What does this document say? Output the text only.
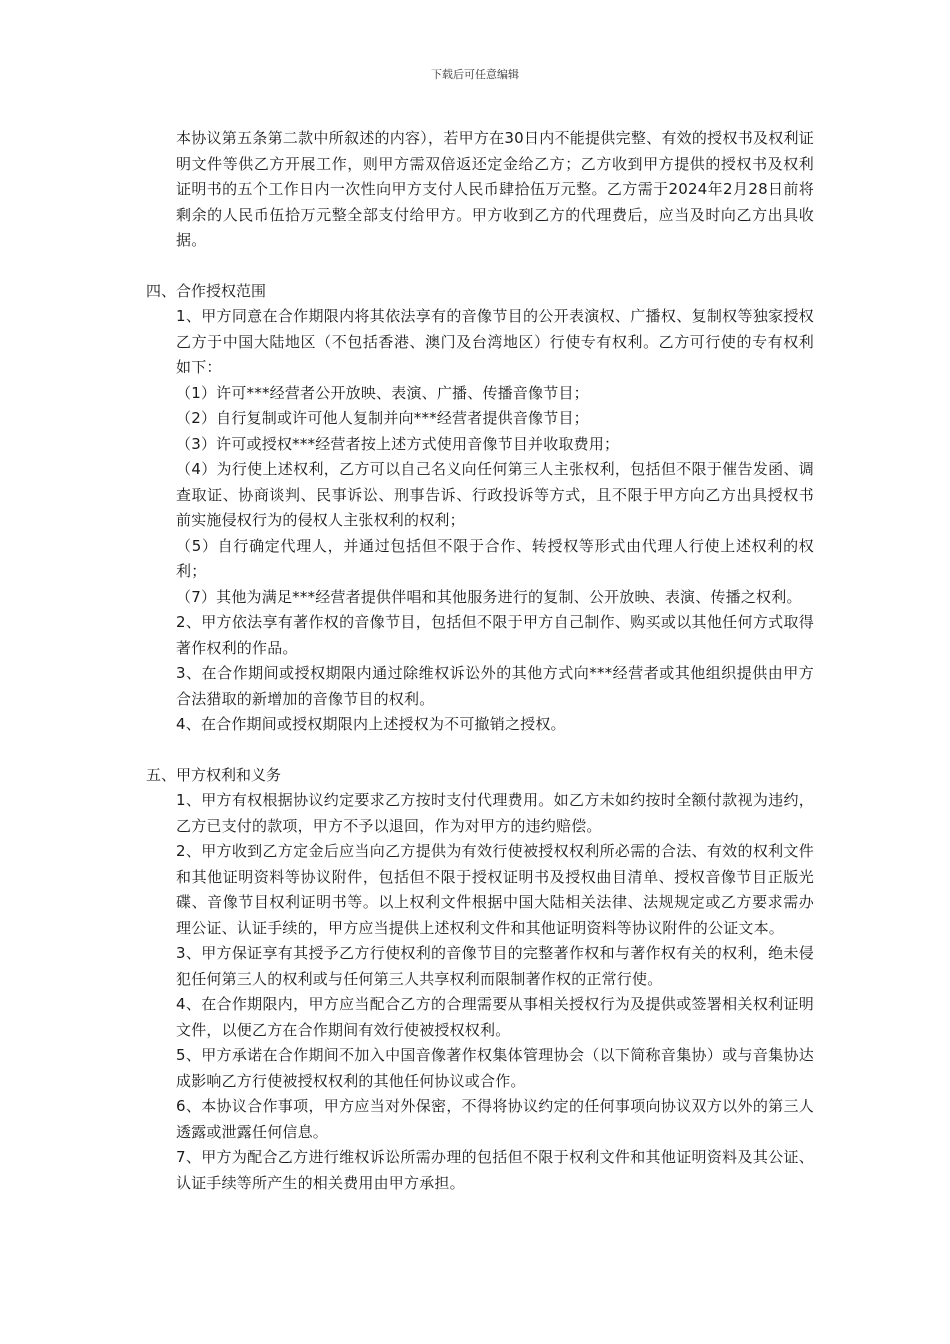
下载后可任意编辑

本协议第五条第二款中所叙述的内容），若甲方在30日内不能提供完整、有效的授权书及权利证明文件等供乙方开展工作，则甲方需双倍返还定金给乙方；乙方收到甲方提供的授权书及权利证明书的五个工作日内一次性向甲方支付人民币肆拾伍万元整。乙方需于2024年2月28日前将剩余的人民币伍拾万元整全部支付给甲方。甲方收到乙方的代理费后，应当及时向乙方出具收据。

四、合作授权范围

1、甲方同意在合作期限内将其依法享有的音像节目的公开表演权、广播权、复制权等独家授权乙方于中国大陆地区（不包括香港、澳门及台湾地区）行使专有权利。乙方可行使的专有权利如下：

（1）许可***经营者公开放映、表演、广播、传播音像节目；

（2）自行复制或许可他人复制并向***经营者提供音像节目；

（3）许可或授权***经营者按上述方式使用音像节目并收取费用；

（4）为行使上述权利，乙方可以自己名义向任何第三人主张权利，包括但不限于催告发函、调查取证、协商谈判、民事诉讼、刑事告诉、行政投诉等方式，且不限于甲方向乙方出具授权书前实施侵权行为的侵权人主张权利的权利；

（5）自行确定代理人，并通过包括但不限于合作、转授权等形式由代理人行使上述权利的权利；

（7）其他为满足***经营者提供伴唱和其他服务进行的复制、公开放映、表演、传播之权利。

2、甲方依法享有著作权的音像节目，包括但不限于甲方自己制作、购买或以其他任何方式取得著作权利的作品。

3、在合作期间或授权期限内通过除维权诉讼外的其他方式向***经营者或其他组织提供由甲方合法猎取的新增加的音像节目的权利。

4、在合作期间或授权期限内上述授权为不可撤销之授权。

五、甲方权利和义务

1、甲方有权根据协议约定要求乙方按时支付代理费用。如乙方未如约按时全额付款视为违约，乙方已支付的款项，甲方不予以退回，作为对甲方的违约赔偿。

2、甲方收到乙方定金后应当向乙方提供为有效行使被授权权利所必需的合法、有效的权利文件和其他证明资料等协议附件，包括但不限于授权证明书及授权曲目清单、授权音像节目正版光碟、音像节目权利证明书等。以上权利文件根据中国大陆相关法律、法规规定或乙方要求需办理公证、认证手续的，甲方应当提供上述权利文件和其他证明资料等协议附件的公证文本。

3、甲方保证享有其授予乙方行使权利的音像节目的完整著作权和与著作权有关的权利，绝未侵犯任何第三人的权利或与任何第三人共享权利而限制著作权的正常行使。

4、在合作期限内，甲方应当配合乙方的合理需要从事相关授权行为及提供或签署相关权利证明文件，以便乙方在合作期间有效行使被授权权利。

5、甲方承诺在合作期间不加入中国音像著作权集体管理协会（以下简称音集协）或与音集协达成影响乙方行使被授权权利的其他任何协议或合作。

6、本协议合作事项，甲方应当对外保密，不得将协议约定的任何事项向协议双方以外的第三人透露或泄露任何信息。

7、甲方为配合乙方进行维权诉讼所需办理的包括但不限于权利文件和其他证明资料及其公证、认证手续等所产生的相关费用由甲方承担。
